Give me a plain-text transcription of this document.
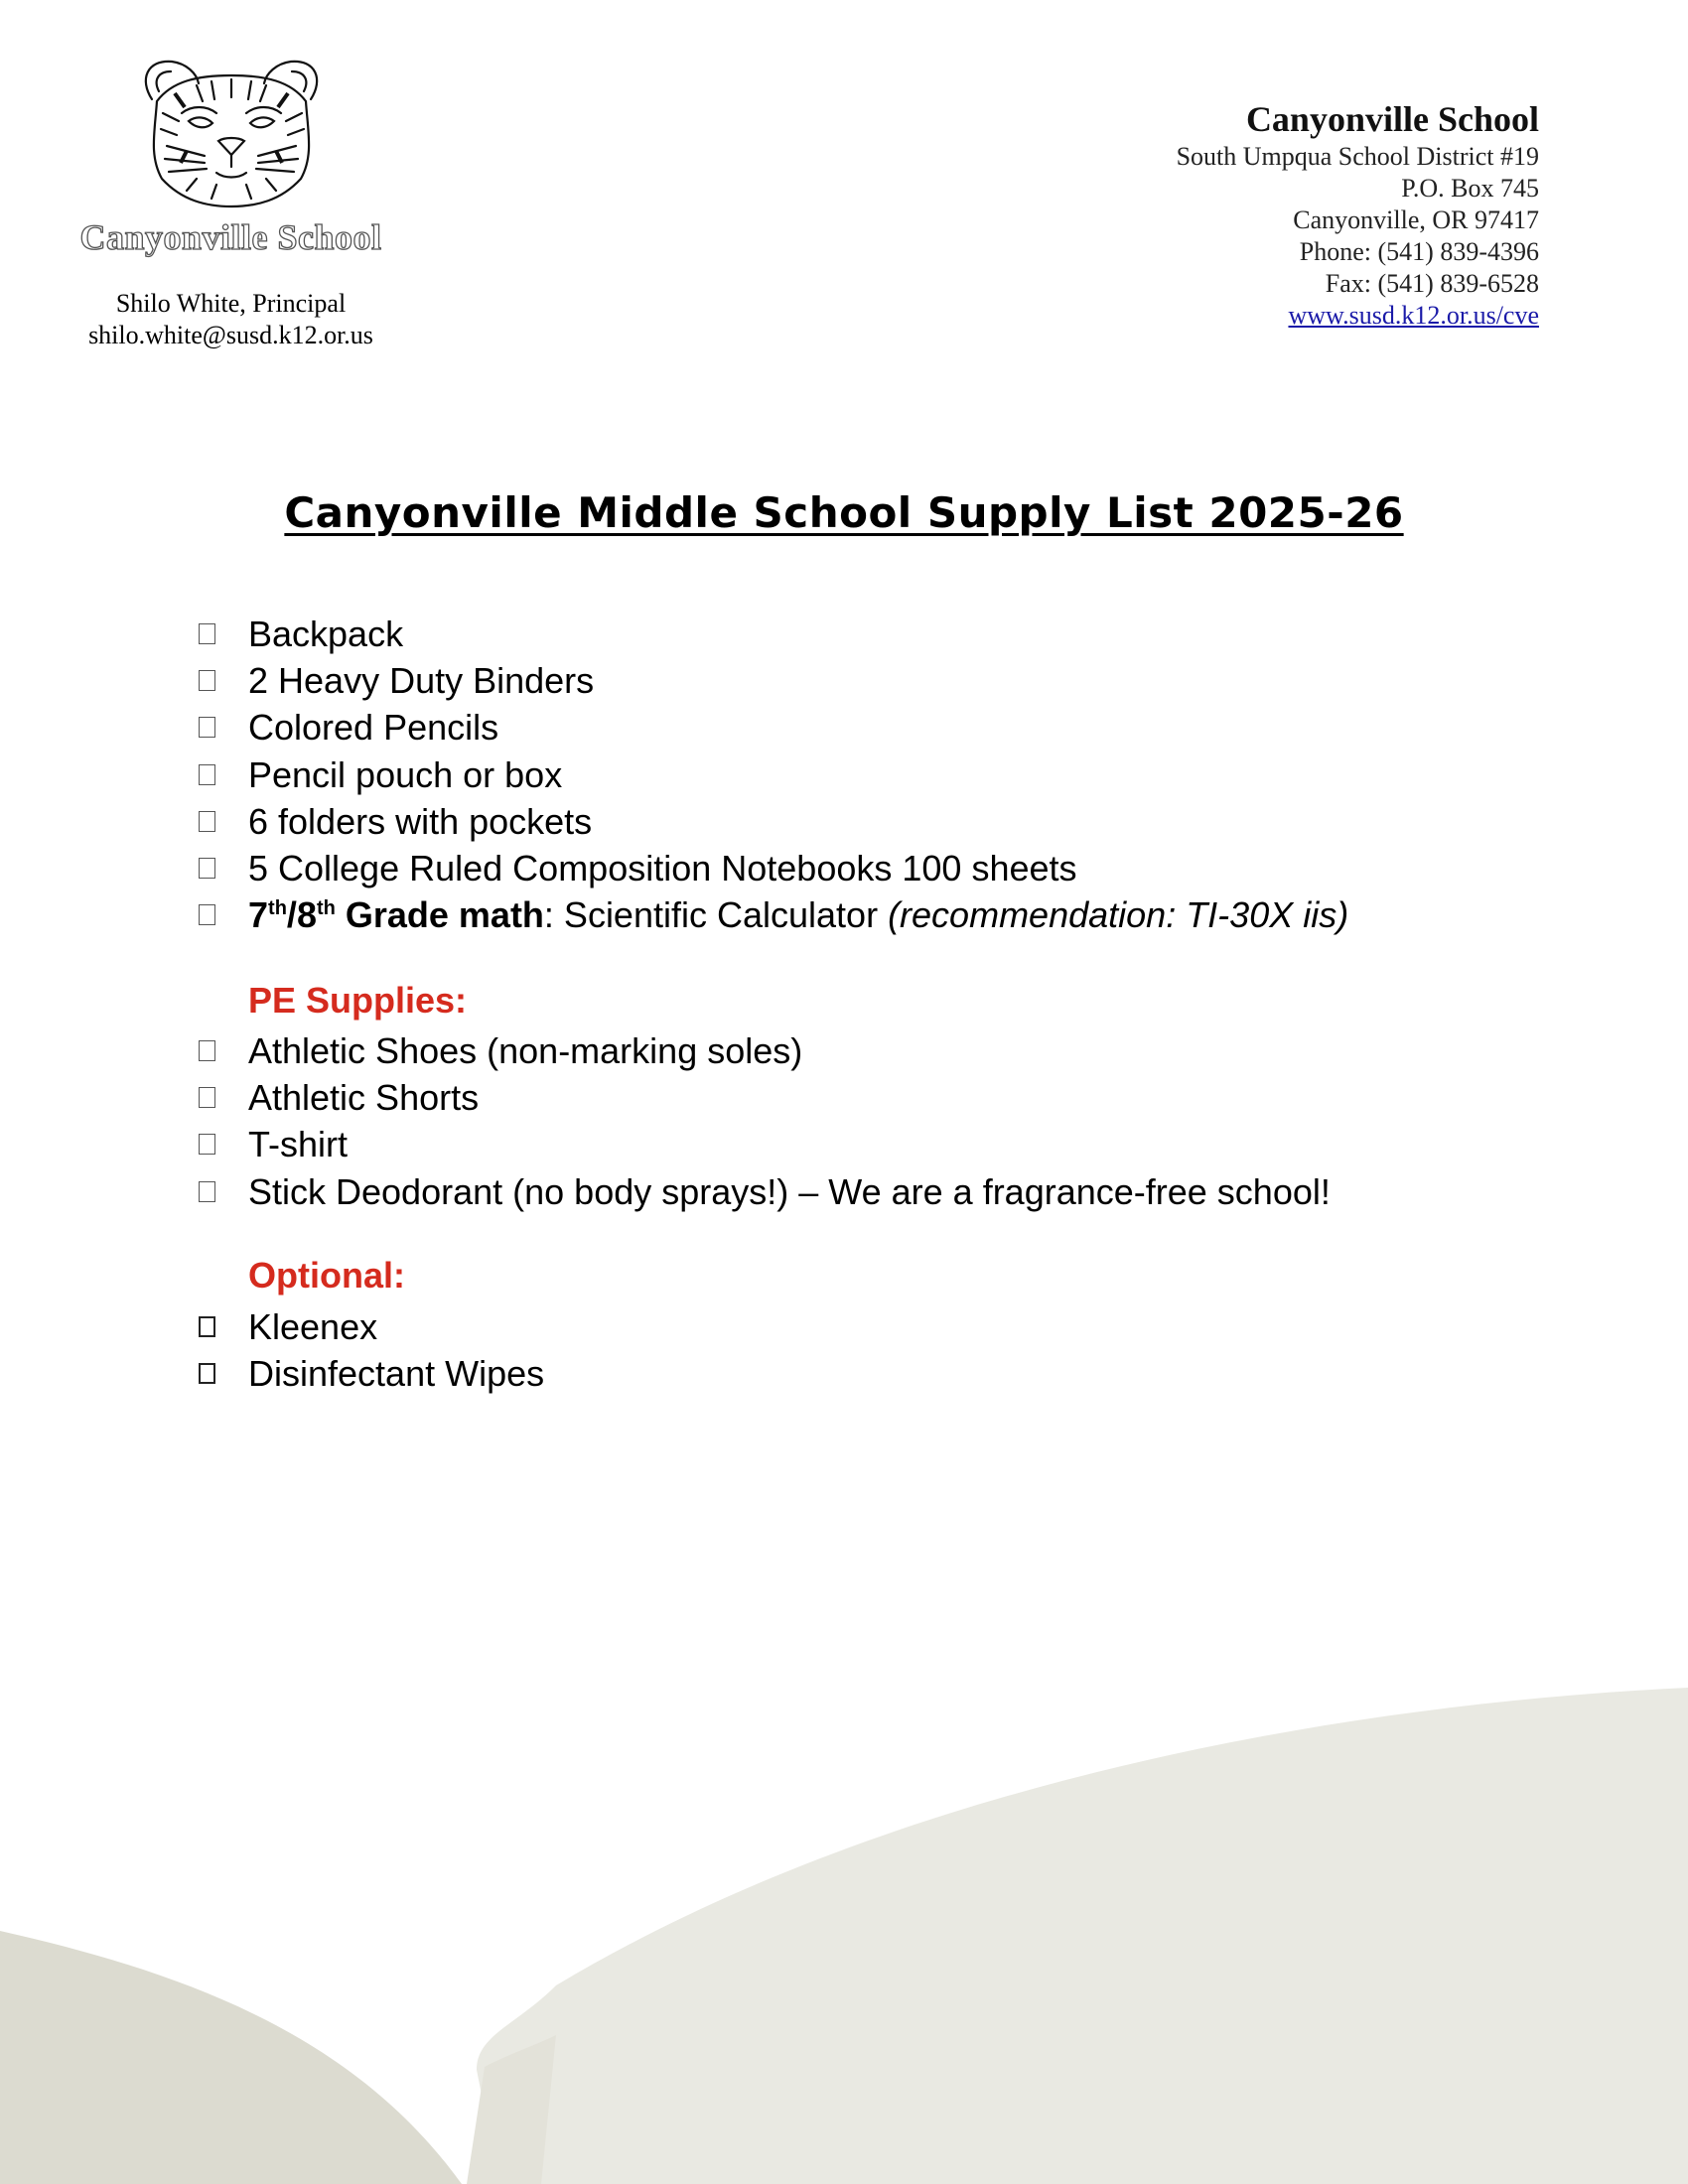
Canyonville School
Shilo White, Principal
shilo.white@susd.k12.or.us
Canyonville School
South Umpqua School District #19
P.O. Box 745
Canyonville, OR 97417
Phone: (541) 839-4396
Fax: (541) 839-6528
www.susd.k12.or.us/cve
Canyonville Middle School Supply List 2025-26
Backpack
2 Heavy Duty Binders
Colored Pencils
Pencil pouch or box
6 folders with pockets
5 College Ruled Composition Notebooks 100 sheets
7th/8th Grade math: Scientific Calculator (recommendation: TI-30X iis)
PE Supplies:
Athletic Shoes (non-marking soles)
Athletic Shorts
T-shirt
Stick Deodorant (no body sprays!) – We are a fragrance-free school!
Optional:
Kleenex
Disinfectant Wipes
